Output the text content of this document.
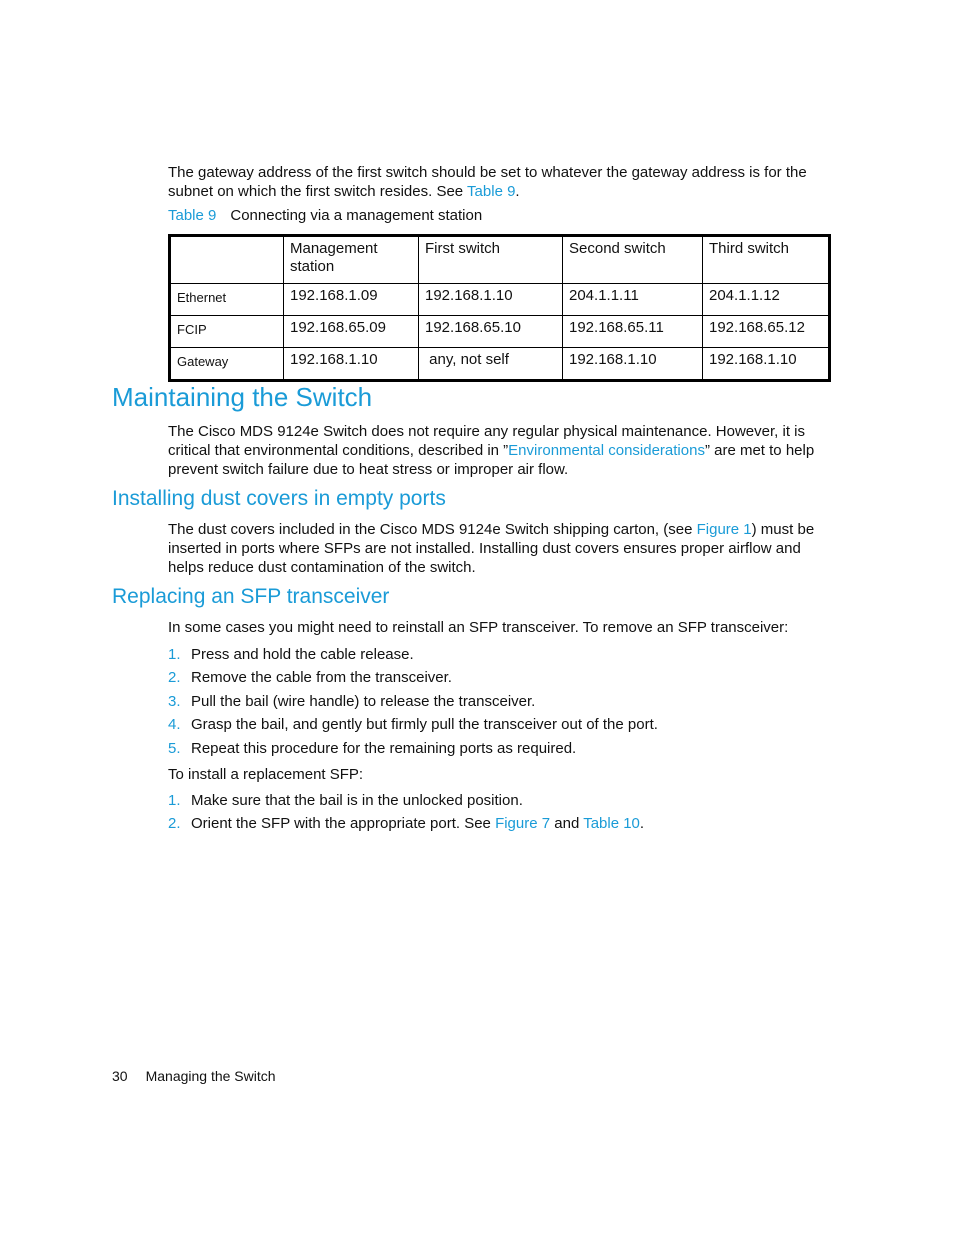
The gateway address of the first switch should be set to whatever the gateway address is for the subnet on which the first switch resides. See Table 9.

Table 9 Connecting via a management station
	Management station	First switch	Second switch	Third switch
Ethernet	192.168.1.09	192.168.1.10	204.1.1.11	204.1.1.12
FCIP	192.168.65.09	192.168.65.10	192.168.65.11	192.168.65.12
Gateway	192.168.1.10	any, not self	192.168.1.10	192.168.1.10
Maintaining the Switch

The Cisco MDS 9124e Switch does not require any regular physical maintenance. However, it is critical that environmental conditions, described in ”Environmental considerations” are met to help prevent switch failure due to heat stress or improper air flow.

Installing dust covers in empty ports

The dust covers included in the Cisco MDS 9124e Switch shipping carton, (see Figure 1) must be inserted in ports where SFPs are not installed. Installing dust covers ensures proper airflow and helps reduce dust contamination of the switch.

Replacing an SFP transceiver

In some cases you might need to reinstall an SFP transceiver. To remove an SFP transceiver:

1. Press and hold the cable release.
2. Remove the cable from the transceiver.
3. Pull the bail (wire handle) to release the transceiver.
4. Grasp the bail, and gently but firmly pull the transceiver out of the port.
5. Repeat this procedure for the remaining ports as required.

To install a replacement SFP:

1. Make sure that the bail is in the unlocked position.
2. Orient the SFP with the appropriate port. See Figure 7 and Table 10.
30 Managing the Switch
